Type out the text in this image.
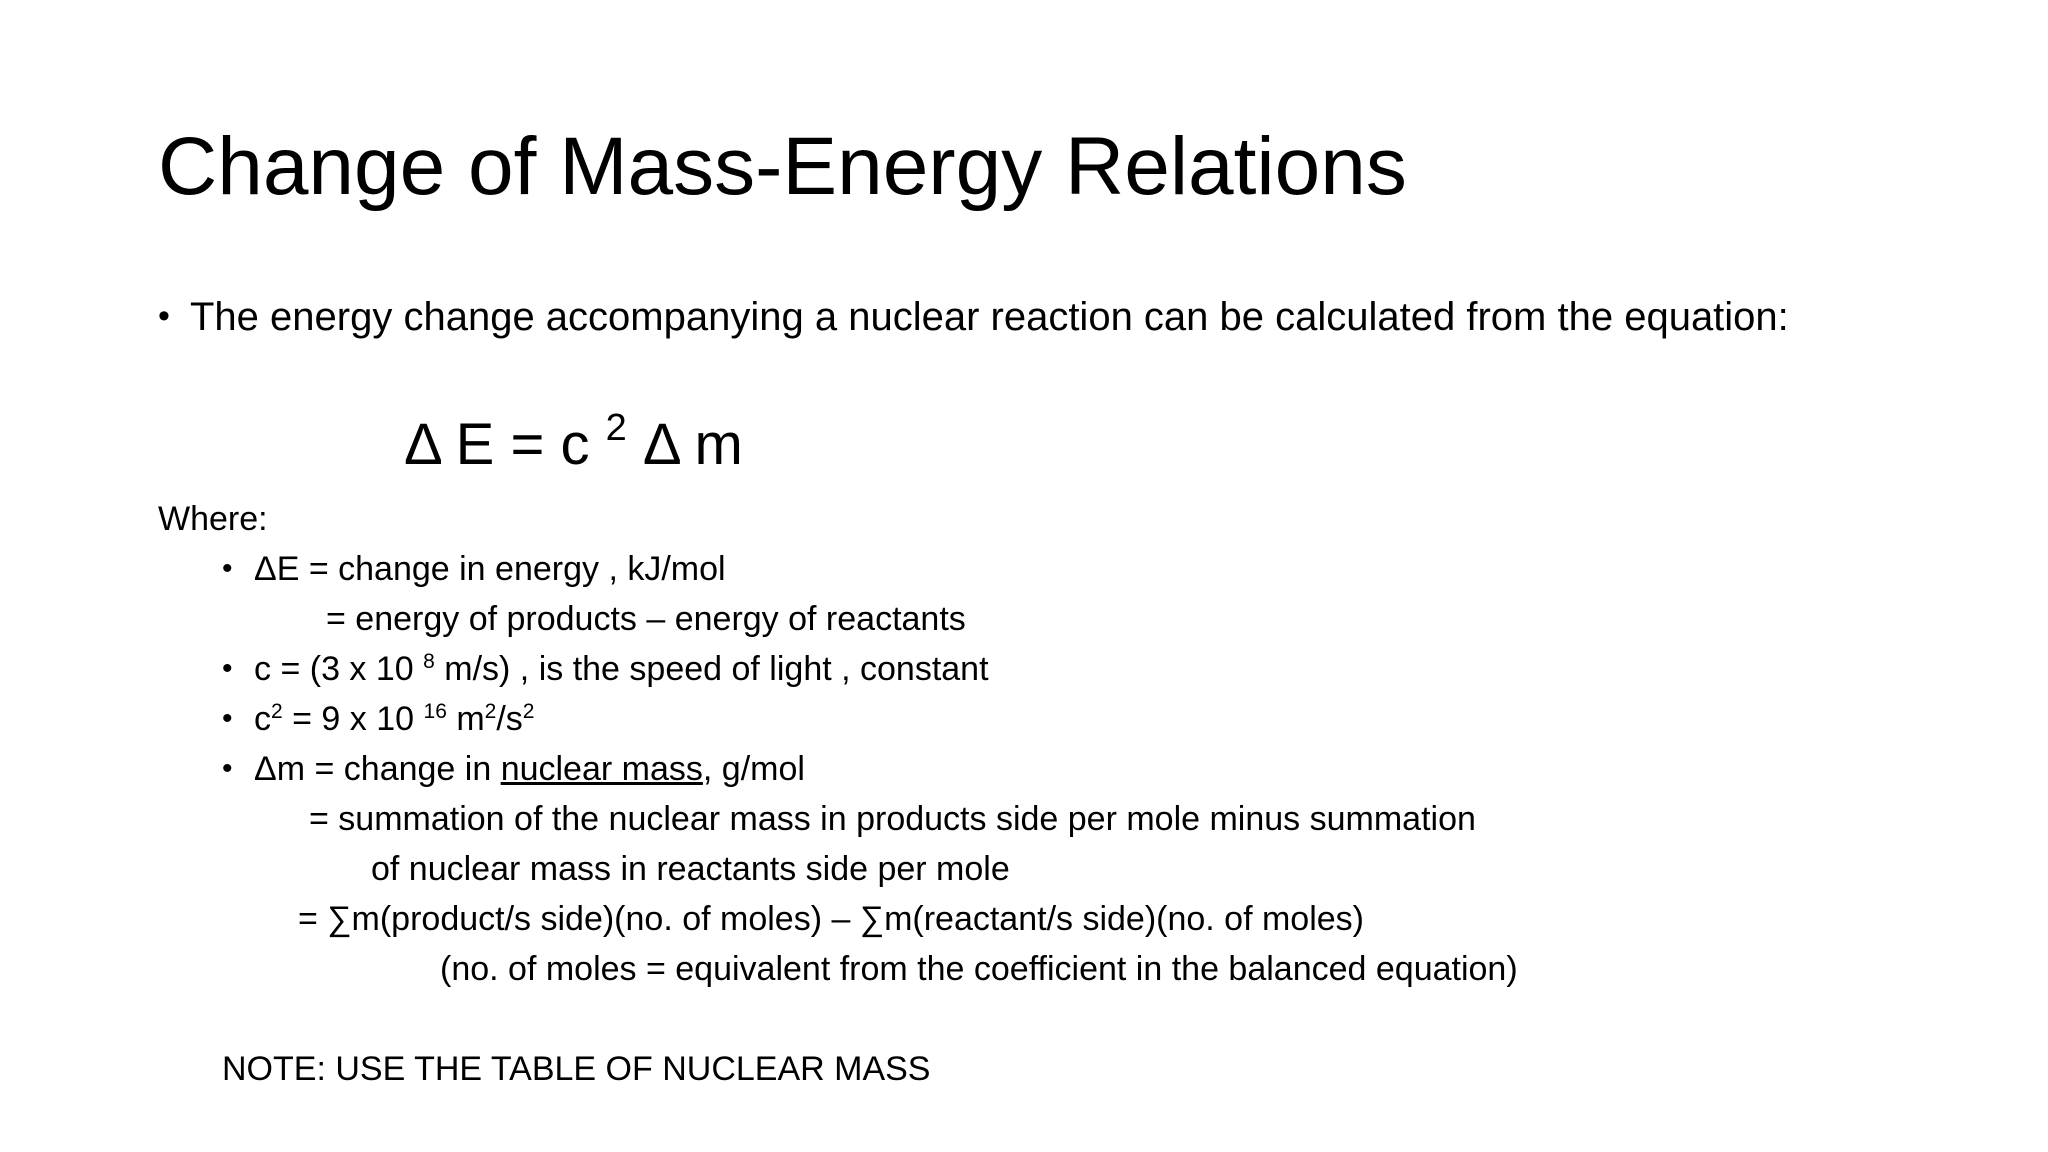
Change of Mass-Energy Relations
• The energy change accompanying a nuclear reaction can be calculated from the equation:
Δ E = c $^2$ Δ m
Where:
• ΔE = change in energy , kJ/mol
= energy of products – energy of reactants
• c = (3 x 10 $^8$ m/s) , is the speed of light , constant
• $c^2 = 9$ x 10 $^{16}$ $m^2/s^2$
• Δm = change in nuclear mass, g/mol
= summation of the nuclear mass in products side per mole minus summation
of nuclear mass in reactants side per mole
= ∑m(product/s side)(no. of moles) – ∑m(reactant/s side)(no. of moles)
(no. of moles = equivalent from the coefficient in the balanced equation)
NOTE: USE THE TABLE OF NUCLEAR MASS
